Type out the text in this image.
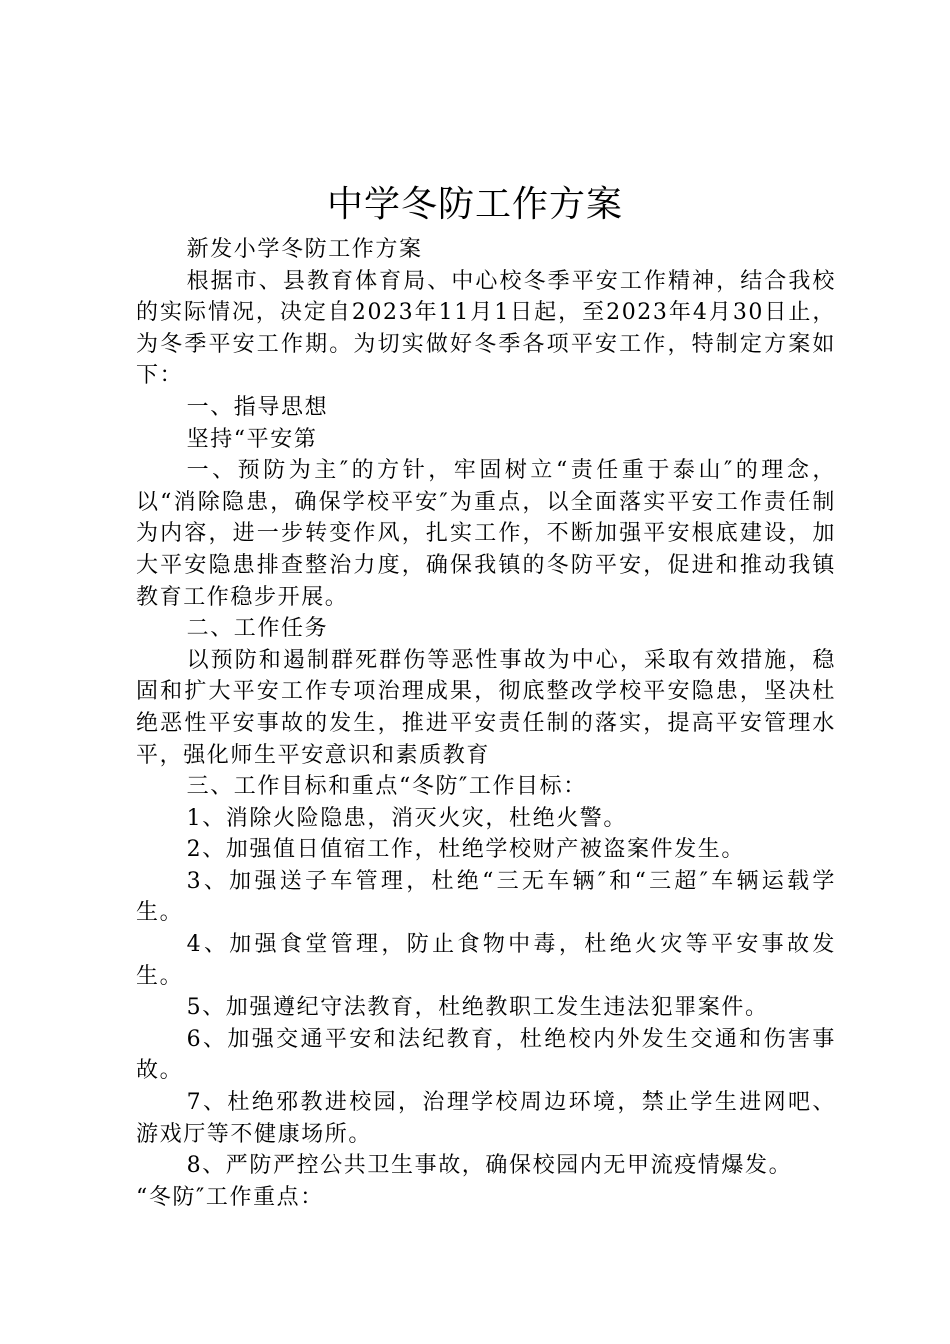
中学冬防工作方案

新发小学冬防工作方案

根据市、县教育体育局、中心校冬季平安工作精神，结合我校的实际情况，决定自2023年11月1日起，至2023年4月30日止，为冬季平安工作期。为切实做好冬季各项平安工作，特制定方案如下：

一、指导思想

坚持“平安第

一、预防为主″的方针，牢固树立“责任重于泰山″的理念，以“消除隐患，确保学校平安″为重点，以全面落实平安工作责任制为内容，进一步转变作风，扎实工作，不断加强平安根底建设，加大平安隐患排查整治力度，确保我镇的冬防平安，促进和推动我镇教育工作稳步开展。

二、工作任务

以预防和遏制群死群伤等恶性事故为中心，采取有效措施，稳固和扩大平安工作专项治理成果，彻底整改学校平安隐患，坚决杜绝恶性平安事故的发生，推进平安责任制的落实，提高平安管理水平，强化师生平安意识和素质教育

三、工作目标和重点“冬防″工作目标：

1、消除火险隐患，消灭火灾，杜绝火警。

2、加强值日值宿工作，杜绝学校财产被盗案件发生。

3、加强送子车管理，杜绝“三无车辆″和“三超″车辆运载学生。

4、加强食堂管理，防止食物中毒，杜绝火灾等平安事故发生。

5、加强遵纪守法教育，杜绝教职工发生违法犯罪案件。

6、加强交通平安和法纪教育，杜绝校内外发生交通和伤害事故。

7、杜绝邪教进校园，治理学校周边环境，禁止学生进网吧、游戏厅等不健康场所。

8、严防严控公共卫生事故，确保校园内无甲流疫情爆发。

“冬防″工作重点：
